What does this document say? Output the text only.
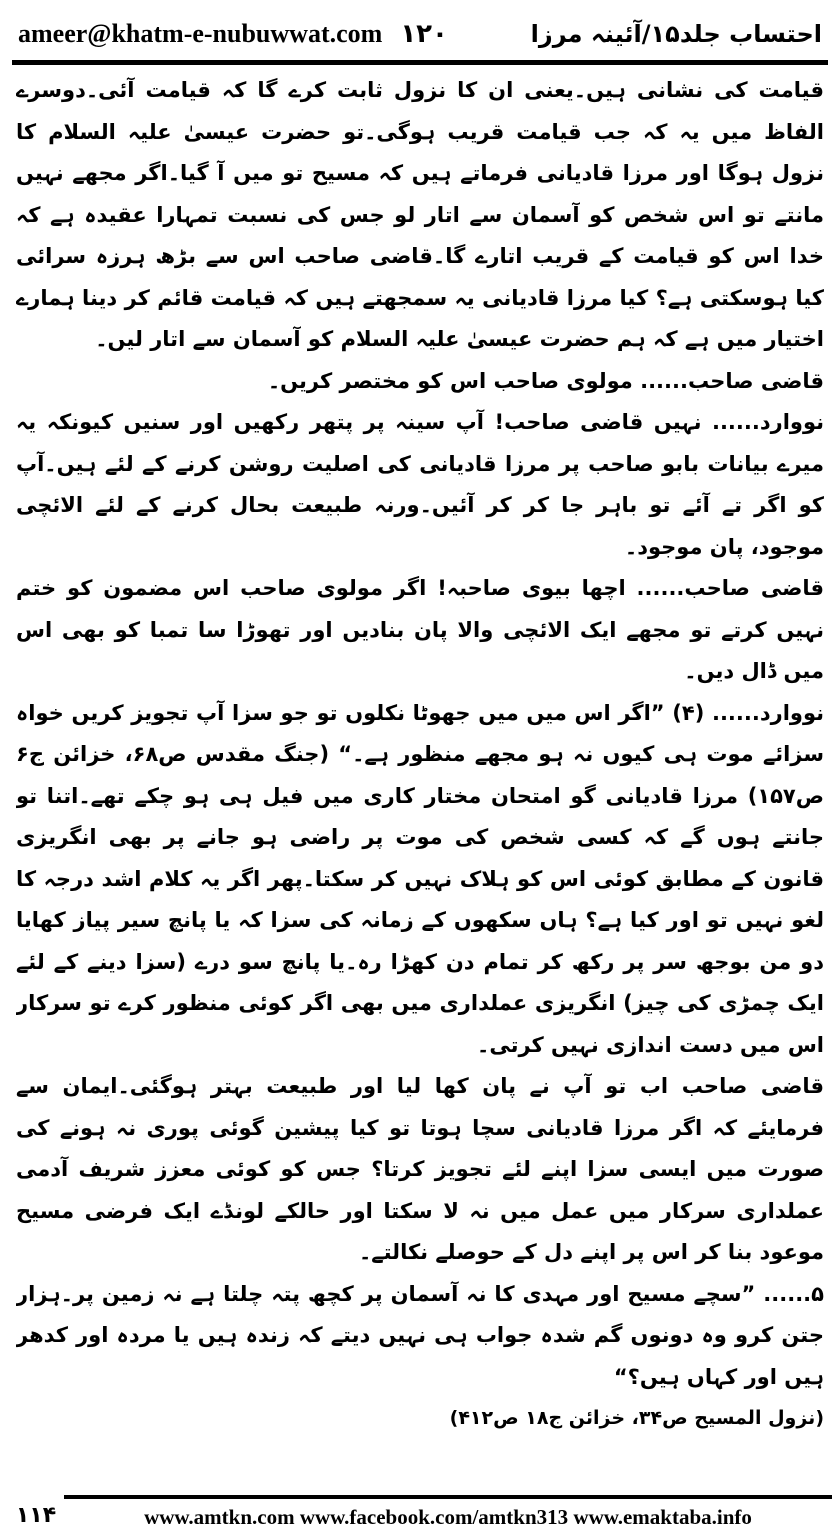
ameer@khatm-e-nubuwwat.com ۱۲۰	احتساب جلد۱۵/آئینہ مرزا

قیامت کی نشانی ہیں۔یعنی ان کا نزول ثابت کرے گا کہ قیامت آئی۔دوسرے الفاظ میں یہ کہ جب قیامت قریب ہوگی۔تو حضرت عیسیٰ علیہ السلام کا نزول ہوگا اور مرزا قادیانی فرماتے ہیں کہ مسیح تو میں آ گیا۔اگر مجھے نہیں مانتے تو اس شخص کو آسمان سے اتار لو جس کی نسبت تمہارا عقیدہ ہے کہ خدا اس کو قیامت کے قریب اتارے گا۔قاضی صاحب اس سے بڑھ ہرزہ سرائی کیا ہوسکتی ہے؟ کیا مرزا قادیانی یہ سمجھتے ہیں کہ قیامت قائم کر دینا ہمارے اختیار میں ہے کہ ہم حضرت عیسیٰ علیہ السلام کو آسمان سے اتار لیں۔

قاضی صاحب...... مولوی صاحب اس کو مختصر کریں۔

نووارد...... نہیں قاضی صاحب! آپ سینہ پر پتھر رکھیں اور سنیں کیونکہ یہ میرے بیانات بابو صاحب پر مرزا قادیانی کی اصلیت روشن کرنے کے لئے ہیں۔آپ کو اگر تے آئے تو باہر جا کر کر آئیں۔ورنہ طبیعت بحال کرنے کے لئے الائچی موجود، پان موجود۔

قاضی صاحب...... اچھا بیوی صاحبہ! اگر مولوی صاحب اس مضمون کو ختم نہیں کرتے تو مجھے ایک الائچی والا پان بنادیں اور تھوڑا سا تمبا کو بھی اس میں ڈال دیں۔

نووارد...... (۴) ”اگر اس میں میں جھوٹا نکلوں تو جو سزا آپ تجویز کریں خواہ سزائے موت ہی کیوں نہ ہو مجھے منظور ہے۔“ (جنگ مقدس ص۶۸، خزائن ج۶ ص۱۵۷) مرزا قادیانی گو امتحان مختار کاری میں فیل ہی ہو چکے تھے۔اتنا تو جانتے ہوں گے کہ کسی شخص کی موت پر راضی ہو جانے پر بھی انگریزی قانون کے مطابق کوئی اس کو ہلاک نہیں کر سکتا۔پھر اگر یہ کلام اشد درجہ کا لغو نہیں تو اور کیا ہے؟ ہاں سکھوں کے زمانہ کی سزا کہ یا پانچ سیر پیاز کھایا دو من بوجھ سر پر رکھ کر تمام دن کھڑا رہ۔یا پانچ سو درے (سزا دینے کے لئے ایک چمڑی کی چیز) انگریزی عملداری میں بھی اگر کوئی منظور کرے تو سرکار اس میں دست اندازی نہیں کرتی۔

قاضی صاحب اب تو آپ نے پان کھا لیا اور طبیعت بہتر ہوگئی۔ایمان سے فرمایئے کہ اگر مرزا قادیانی سچا ہوتا تو کیا پیشین گوئی پوری نہ ہونے کی صورت میں ایسی سزا اپنے لئے تجویز کرتا؟ جس کو کوئی معزز شریف آدمی عملداری سرکار میں عمل میں نہ لا سکتا اور حالکے لونڈے ایک فرضی مسیح موعود بنا کر اس پر اپنے دل کے حوصلے نکالتے۔

۵...... ”سچے مسیح اور مہدی کا نہ آسمان پر کچھ پتہ چلتا ہے نہ زمین پر۔ہزار جتن کرو وہ دونوں گم شدہ جواب ہی نہیں دیتے کہ زندہ ہیں یا مردہ اور کدھر ہیں اور کہاں ہیں؟“

(نزول المسیح ص۳۴، خزائن ج۱۸ ص۴۱۲)

۱۱۴	www.amtkn.com www.facebook.com/amtkn313 www.emaktaba.info
